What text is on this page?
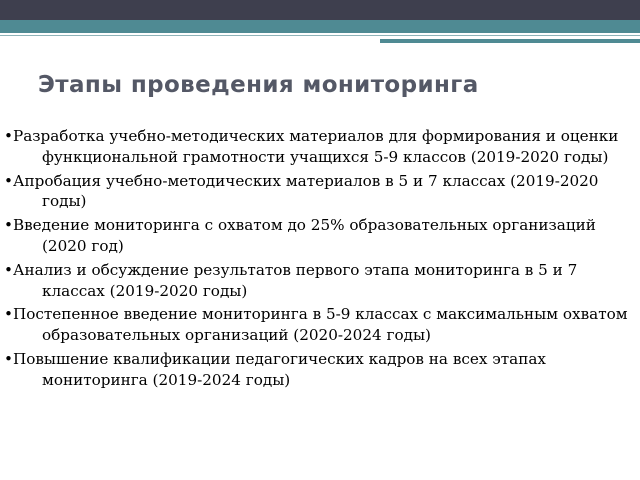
Этапы проведения мониторинга
•Разработка учебно-методических материалов для формирования и оценки функциональной грамотности учащихся 5-9 классов (2019-2020 годы)
•Апробация учебно-методических материалов в 5 и 7 классах (2019-2020 годы)
•Введение мониторинга с охватом до 25% образовательных организаций (2020 год)
•Анализ и обсуждение результатов первого этапа мониторинга в 5 и 7 классах (2019-2020 годы)
•Постепенное введение мониторинга в 5-9 классах с максимальным охватом образовательных организаций (2020-2024 годы)
•Повышение квалификации педагогических кадров на всех этапах мониторинга (2019-2024 годы)
